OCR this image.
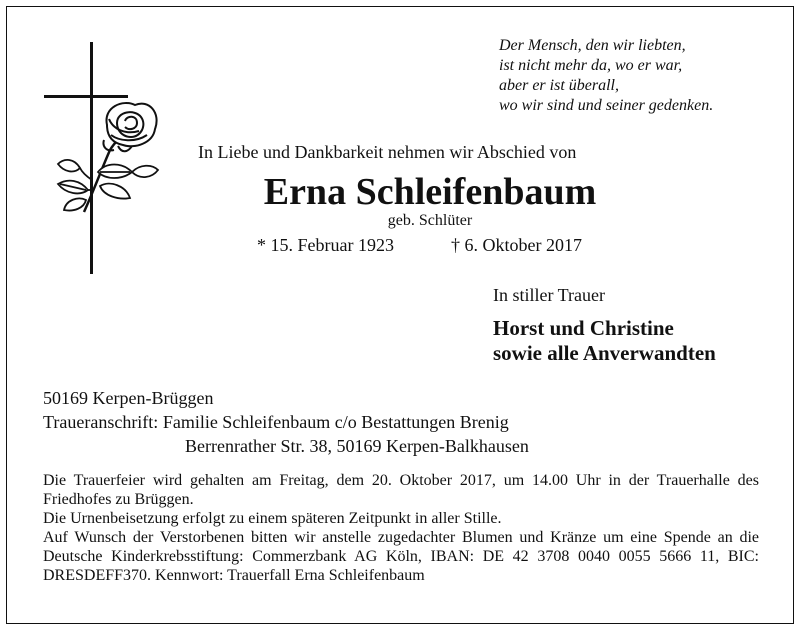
Der Mensch, den wir liebten,
ist nicht mehr da, wo er war,
aber er ist überall,
wo wir sind und seiner gedenken.
In Liebe und Dankbarkeit nehmen wir Abschied von
Erna Schleifenbaum
geb. Schlüter
* 15. Februar 1923	† 6. Oktober 2017
In stiller Trauer
Horst und Christine
sowie alle Anverwandten
50169 Kerpen-Brüggen
Traueranschrift: Familie Schleifenbaum c/o Bestattungen Brenig
Berrenrather Str. 38, 50169 Kerpen-Balkhausen

Die Trauerfeier wird gehalten am Freitag, dem 20. Oktober 2017, um 14.00 Uhr in der Trauerhalle des Friedhofes zu Brüggen.

Die Urnenbeisetzung erfolgt zu einem späteren Zeitpunkt in aller Stille.

Auf Wunsch der Verstorbenen bitten wir anstelle zugedachter Blumen und Kränze um eine Spende an die Deutsche Kinderkrebsstiftung: Commerzbank AG Köln, IBAN: DE 42 3708 0040 0055 5666 11, BIC: DRESDEFF370. Kennwort: Trauerfall Erna Schleifenbaum
